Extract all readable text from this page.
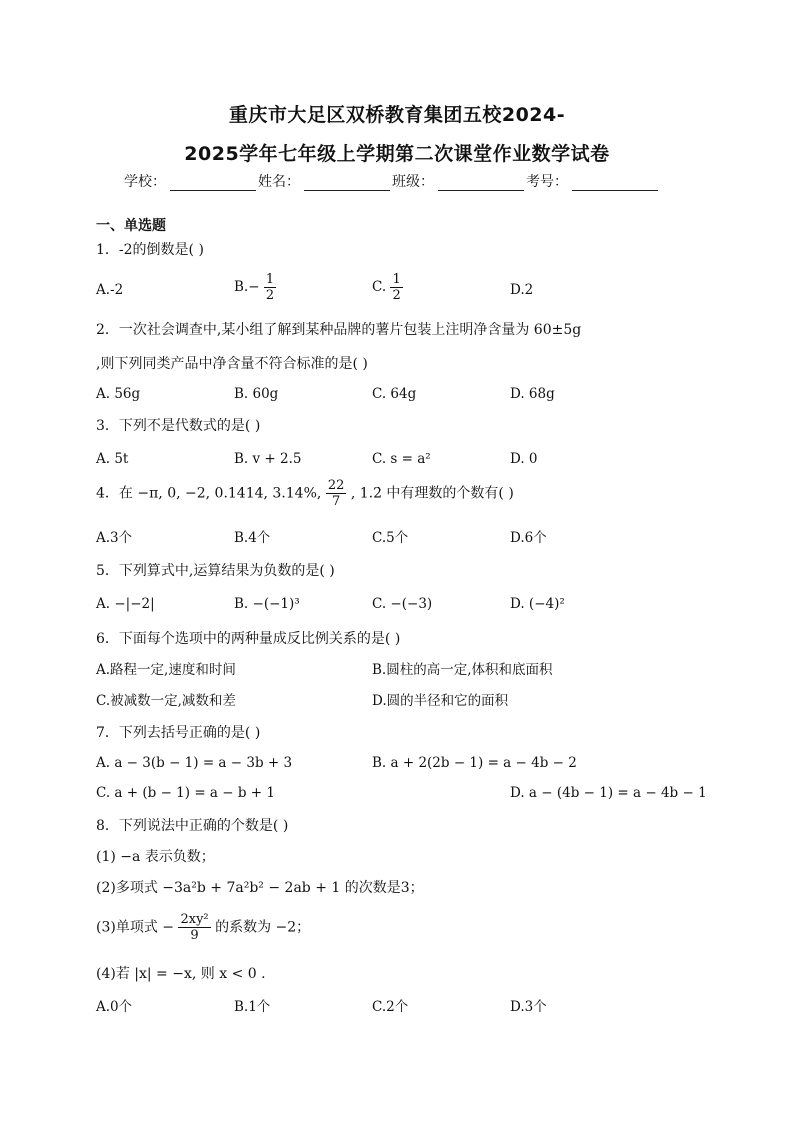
重庆市大足区双桥教育集团五校2024-
2025学年七年级上学期第二次课堂作业数学试卷
学校：	姓名：	班级：	考号：
一、单选题
1．-2的倒数是( )
A.-2	$B.- \frac{1}{2}$	C. $\frac{1}{2}$	D.2
2．一次社会调查中,某小组了解到某种品牌的薯片包装上注明净含量为 60±5g
,则下列同类产品中净含量不符合标准的是( )
A. 56g	B. 60g	C. 64g	D. 68g
3．下列不是代数式的是( )
A. 5t	B. v + 2.5	C. s = a²	D. 0
4．在 −π, 0, −2, 0.1414, 3.14%, $\frac{22}{7}$ , 1.2̇ 中有理数的个数有( )
A.3个	B.4个	C.5个	D.6个
5．下列算式中,运算结果为负数的是( )
A. −|−2|	B. −(−1)³	C. −(−3)	D. (−4)²
6．下面每个选项中的两种量成反比例关系的是( )
A.路程一定,速度和时间	B.圆柱的高一定,体积和底面积
C.被减数一定,减数和差	D.圆的半径和它的面积
7．下列去括号正确的是( )
A. a − 3(b − 1) = a − 3b + 3	B. a + 2(2b − 1) = a − 4b − 2
C. a + (b − 1) = a − b + 1	D. a − (4b − 1) = a − 4b − 1
8．下列说法中正确的个数是( )
(1) −a 表示负数；
(2)多项式 −3a²b + 7a²b² − 2ab + 1 的次数是3；
(3)单项式 − $\frac{\text{2xy²}}{9}$ 的系数为 −2；
(4)若 |x| = −x, 则 x < 0 .
A.0个	B.1个	C.2个	D.3个
